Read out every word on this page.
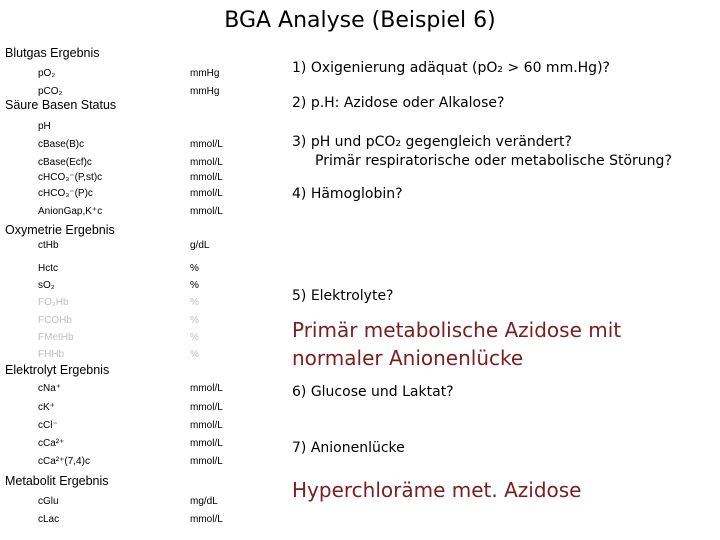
BGA Analyse (Beispiel 6)
Blutgas Ergebnis
Säure Basen Status
Oxymetrie Ergebnis
Elektrolyt Ergebnis
Metabolit Ergebnis
pO₂	mmHg
pCO₂	mmHg
pH
cBase(B)c	mmol/L
cBase(Ecf)c	mmol/L
cHCO₃⁻(P,st)c	mmol/L
cHCO₃⁻(P)c	mmol/L
AnionGap,K⁺c	mmol/L
ctHb	g/dL
Hctc	%
sO₂	%
FO₂Hb	%
FCOHb	%
FMetHb	%
FHHb	%
cNa⁺	mmol/L
cK⁺	mmol/L
cCl⁻	mmol/L
cCa²⁺	mmol/L
cCa²⁺(7,4)c	mmol/L
cGlu	mg/dL
cLac	mmol/L
1) Oxigenierung adäquat (pO₂ > 60 mm.Hg)?
2) p.H: Azidose oder Alkalose?
3) pH und pCO₂ gegengleich verändert?
Primär respiratorische oder metabolische Störung?
4) Hämoglobin?
5) Elektrolyte?
Primär metabolische Azidose mit normaler Anionenlücke
6) Glucose und Laktat?
7) Anionenlücke
Hyperchloräme met. Azidose
